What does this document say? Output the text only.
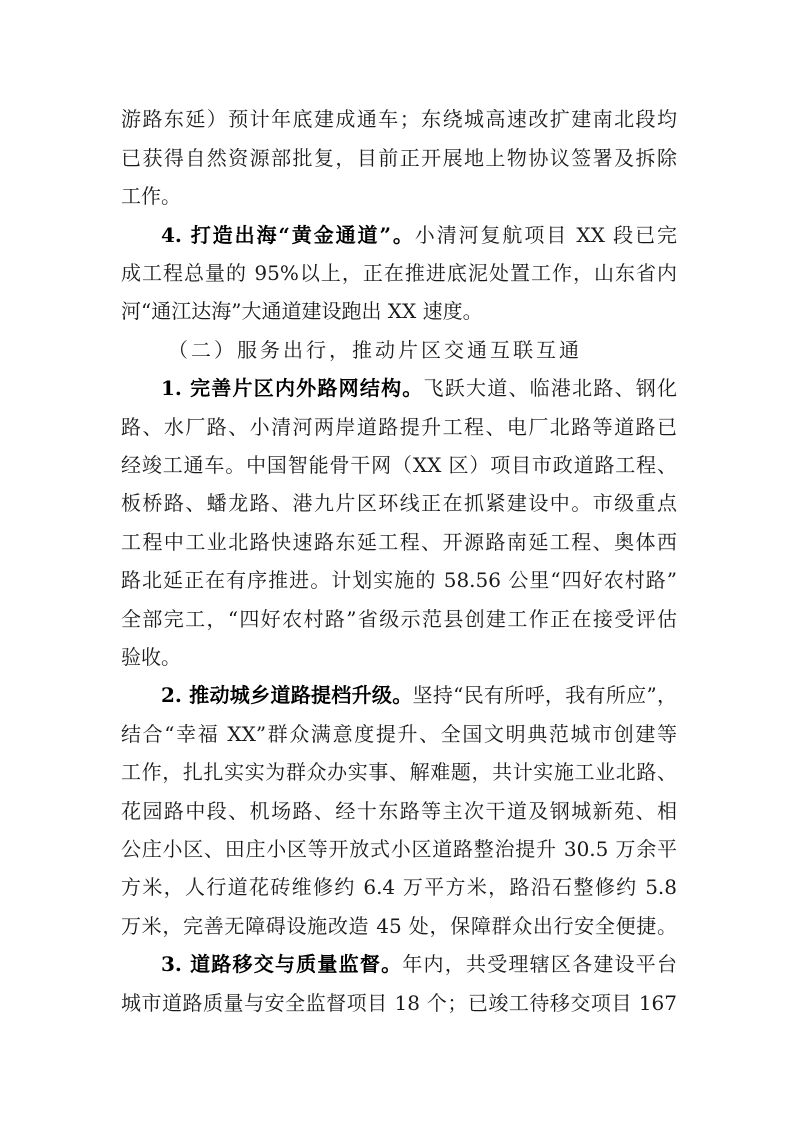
游路东延）预计年底建成通车；东绕城高速改扩建南北段均
已获得自然资源部批复，目前正开展地上物协议签署及拆除
工作。
4. 打造出海“黄金通道”。小清河复航项目 XX 段已完
成工程总量的 95%以上，正在推进底泥处置工作，山东省内
河“通江达海”大通道建设跑出 XX 速度。
（二）服务出行，推动片区交通互联互通
1. 完善片区内外路网结构。飞跃大道、临港北路、钢化
路、水厂路、小清河两岸道路提升工程、电厂北路等道路已
经竣工通车。中国智能骨干网（XX 区）项目市政道路工程、
板桥路、蟠龙路、港九片区环线正在抓紧建设中。市级重点
工程中工业北路快速路东延工程、开源路南延工程、奥体西
路北延正在有序推进。计划实施的 58.56 公里“四好农村路”
全部完工，“四好农村路”省级示范县创建工作正在接受评估
验收。
2. 推动城乡道路提档升级。坚持“民有所呼，我有所应”，
结合“幸福 XX”群众满意度提升、全国文明典范城市创建等
工作，扎扎实实为群众办实事、解难题，共计实施工业北路、
花园路中段、机场路、经十东路等主次干道及钢城新苑、相
公庄小区、田庄小区等开放式小区道路整治提升 30.5 万余平
方米，人行道花砖维修约 6.4 万平方米，路沿石整修约 5.8
万米，完善无障碍设施改造 45 处，保障群众出行安全便捷。
3. 道路移交与质量监督。年内，共受理辖区各建设平台
城市道路质量与安全监督项目 18 个；已竣工待移交项目 167
